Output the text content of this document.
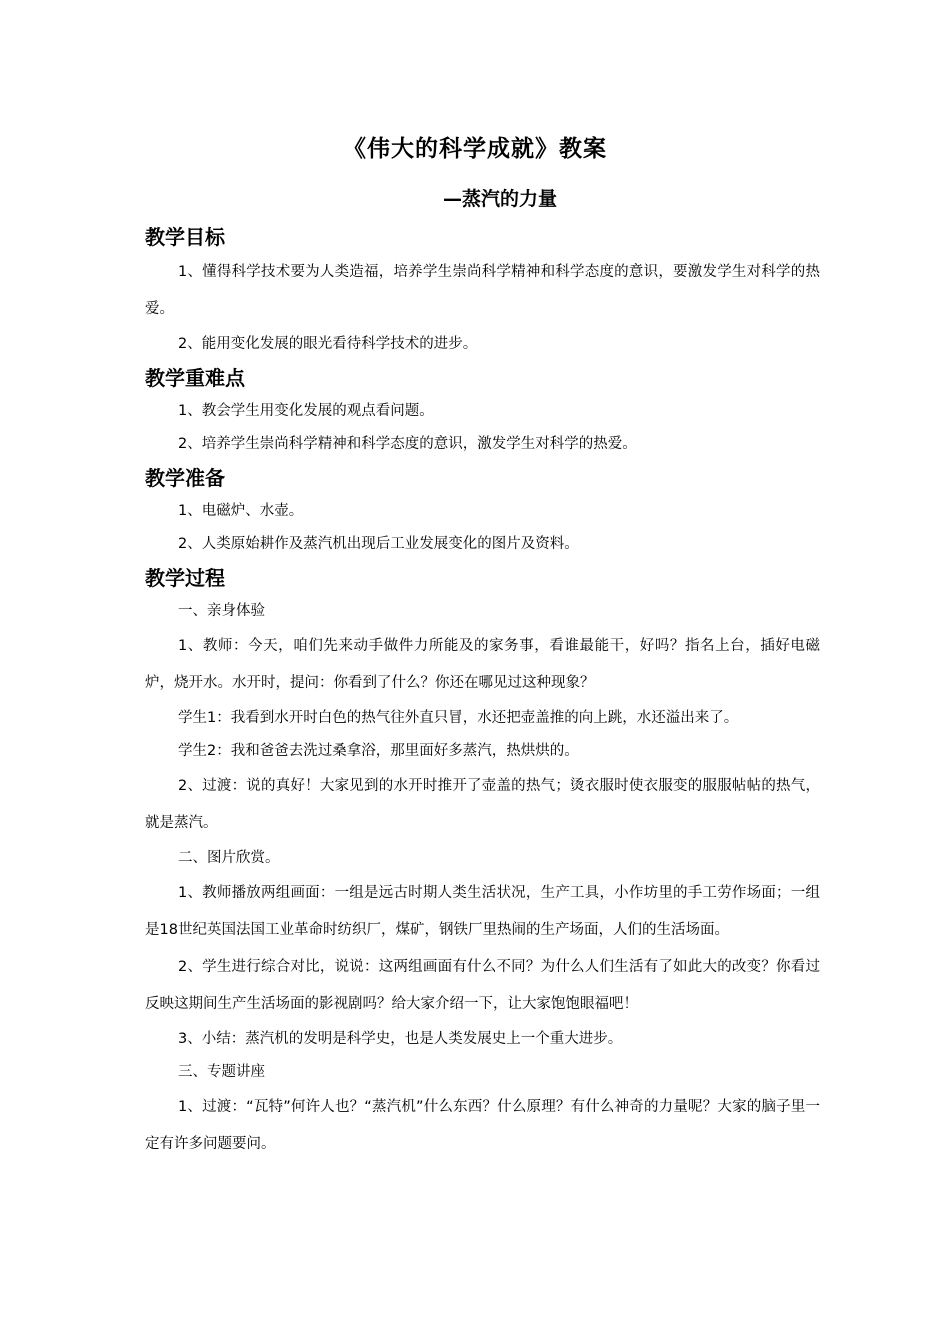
《伟大的科学成就》教案
—蒸汽的力量
教学目标

1、懂得科学技术要为人类造福，培养学生崇尚科学精神和科学态度的意识，要激发学生对科学的热爱。

2、能用变化发展的眼光看待科学技术的进步。

教学重难点

1、教会学生用变化发展的观点看问题。

2、培养学生崇尚科学精神和科学态度的意识，激发学生对科学的热爱。

教学准备

1、电磁炉、水壶。

2、人类原始耕作及蒸汽机出现后工业发展变化的图片及资料。

教学过程

一、亲身体验

1、教师：今天，咱们先来动手做件力所能及的家务事，看谁最能干，好吗？指名上台，插好电磁炉，烧开水。水开时，提问：你看到了什么？你还在哪见过这种现象？

学生1：我看到水开时白色的热气往外直只冒，水还把壶盖推的向上跳，水还溢出来了。

学生2：我和爸爸去洗过桑拿浴，那里面好多蒸汽，热烘烘的。

2、过渡：说的真好！大家见到的水开时推开了壶盖的热气；烫衣服时使衣服变的服服帖帖的热气，就是蒸汽。

二、图片欣赏。

1、教师播放两组画面：一组是远古时期人类生活状况，生产工具，小作坊里的手工劳作场面；一组是18世纪英国法国工业革命时纺织厂，煤矿，钢铁厂里热闹的生产场面，人们的生活场面。

2、学生进行综合对比，说说：这两组画面有什么不同？为什么人们生活有了如此大的改变？你看过反映这期间生产生活场面的影视剧吗？给大家介绍一下，让大家饱饱眼福吧！

3、小结：蒸汽机的发明是科学史，也是人类发展史上一个重大进步。

三、专题讲座

1、过渡：“瓦特”何许人也？“蒸汽机”什么东西？什么原理？有什么神奇的力量呢？大家的脑子里一定有许多问题要问。
